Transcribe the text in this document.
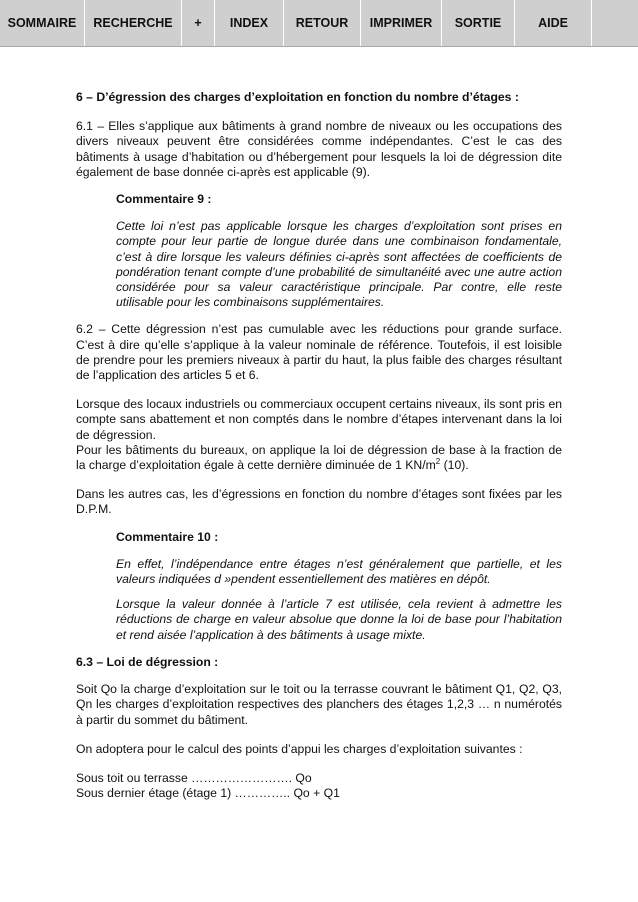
SOMMAIRE	RECHERCHE	+	INDEX	RETOUR	IMPRIMER	SORTIE	AIDE

6 – D’égression des charges d’exploitation en fonction du nombre d’étages :

6.1 – Elles s’applique aux bâtiments à grand nombre de niveaux ou les occupations des divers niveaux peuvent être considérées comme indépendantes. C’est le cas des bâtiments à usage d’habitation ou d’hébergement pour lesquels la loi de dégression dite également de base donnée ci-après est applicable (9).

Commentaire 9 :

Cette loi n’est pas applicable lorsque les charges d’exploitation sont prises en compte pour leur partie de longue durée dans une combinaison fondamentale, c’est à dire lorsque les valeurs définies ci-après sont affectées de coefficients de pondération tenant compte d’une probabilité de simultanéité avec une autre action considérée pour sa valeur caractéristique principale. Par contre, elle reste utilisable pour les combinaisons supplémentaires.

6.2 – Cette dégression n’est pas cumulable avec les réductions pour grande surface. C’est à dire qu’elle s’applique à la valeur nominale de référence. Toutefois, il est loisible de prendre pour les premiers niveaux à partir du haut, la plus faible des charges résultant de l’application des articles 5 et 6.

Lorsque des locaux industriels ou commerciaux occupent certains niveaux, ils sont pris en compte sans abattement et non comptés dans le nombre d’étapes intervenant dans la loi de dégression.

Pour les bâtiments du bureaux, on applique la loi de dégression de base à la fraction de la charge d’exploitation égale à cette dernière diminuée de 1 $KN/m^2$ (10).

Dans les autres cas, les d’égressions en fonction du nombre d’étages sont fixées par les D.P.M.

Commentaire 10 :

En effet, l’indépendance entre étages n’est généralement que partielle, et les valeurs indiquées d »pendent essentiellement des matières en dépôt.

Lorsque la valeur donnée à l’article 7 est utilisée, cela revient à admettre les réductions de charge en valeur absolue que donne la loi de base pour l’habitation et rend aisée l’application à des bâtiments à usage mixte.

6.3 – Loi de dégression :

Soit Qo la charge d’exploitation sur le toit ou la terrasse couvrant le bâtiment Q1, Q2, Q3, Qn les charges d’exploitation respectives des planchers des étages 1,2,3 … n numérotés à partir du sommet du bâtiment.

On adoptera pour le calcul des points d’appui les charges d’exploitation suivantes :

Sous toit ou terrasse ……………………. Qo

Sous dernier étage (étage 1) ………….. Qo + Q1
